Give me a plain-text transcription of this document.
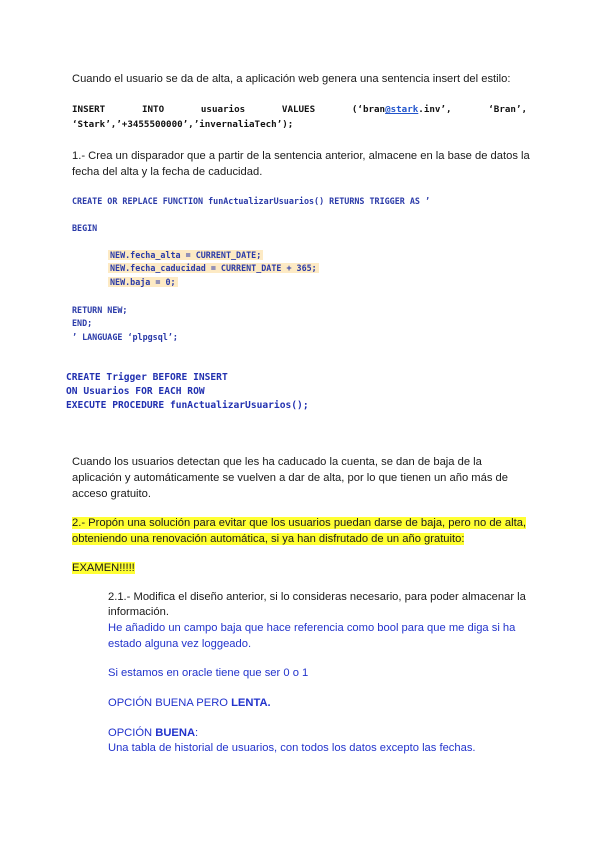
Cuando el usuario se da de alta, a aplicación web genera una sentencia insert del estilo:
INSERT	INTO	usuarios	VALUES	(‘bran@stark.inv’,	‘Bran’,
‘Stark’,’+3455500000’,’invernaliaTech’);
1.- Crea un disparador que a partir de la sentencia anterior, almacene en la base de datos la
fecha del alta y la fecha de caducidad.
CREATE OR REPLACE FUNCTION funActualizarUsuarios() RETURNS TRIGGER AS ’
BEGIN
NEW.fecha_alta = CURRENT_DATE;
NEW.fecha_caducidad = CURRENT_DATE + 365;
NEW.baja = 0;
RETURN NEW;
END;
’ LANGUAGE ‘plpgsql’;
CREATE Trigger BEFORE INSERT
ON Usuarios FOR EACH ROW
EXECUTE PROCEDURE funActualizarUsuarios();
Cuando los usuarios detectan que les ha caducado la cuenta, se dan de baja de la
aplicación y automáticamente se vuelven a dar de alta, por lo que tienen un año más de
acceso gratuito.
2.- Propón una solución para evitar que los usuarios puedan darse de baja, pero no de alta,
obteniendo una renovación automática, si ya han disfrutado de un año gratuito:
EXAMEN!!!!!
2.1.- Modifica el diseño anterior, si lo consideras necesario, para poder almacenar la
información.
He añadido un campo baja que hace referencia como bool para que me diga si ha
estado alguna vez loggeado.
Si estamos en oracle tiene que ser 0 o 1
OPCIÓN BUENA PERO LENTA.
OPCIÓN BUENA:
Una tabla de historial de usuarios, con todos los datos excepto las fechas.
